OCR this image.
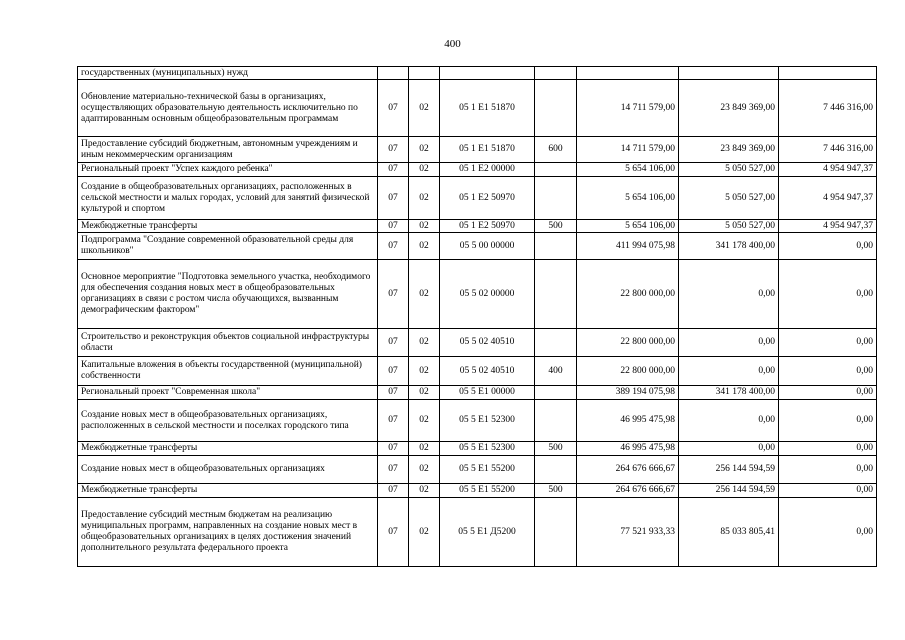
400
государственных (муниципальных) нужд							
Обновление материально-технической базы в организациях, осуществляющих образовательную деятельность исключительно по адаптированным основным общеобразовательным программам	07	02	05 1 E1 51870		14 711 579,00	23 849 369,00	7 446 316,00
Предоставление субсидий бюджетным, автономным учреждениям и иным некоммерческим организациям	07	02	05 1 E1 51870	600	14 711 579,00	23 849 369,00	7 446 316,00
Региональный проект "Успех каждого ребенка"	07	02	05 1 E2 00000		5 654 106,00	5 050 527,00	4 954 947,37
Создание в общеобразовательных организациях, расположенных в сельской местности и малых городах, условий для занятий физической культурой и спортом	07	02	05 1 E2 50970		5 654 106,00	5 050 527,00	4 954 947,37
Межбюджетные трансферты	07	02	05 1 E2 50970	500	5 654 106,00	5 050 527,00	4 954 947,37
Подпрограмма "Создание современной образовательной среды для школьников"	07	02	05 5 00 00000		411 994 075,98	341 178 400,00	0,00
Основное мероприятие "Подготовка земельного участка, необходимого для обеспечения создания новых мест в общеобразовательных организациях в связи с ростом числа обучающихся, вызванным демографическим фактором"	07	02	05 5 02 00000		22 800 000,00	0,00	0,00
Строительство и реконструкция объектов социальной инфраструктуры области	07	02	05 5 02 40510		22 800 000,00	0,00	0,00
Капитальные вложения в объекты государственной (муниципальной) собственности	07	02	05 5 02 40510	400	22 800 000,00	0,00	0,00
Региональный проект "Современная школа"	07	02	05 5 E1 00000		389 194 075,98	341 178 400,00	0,00
Создание новых мест в общеобразовательных организациях, расположенных в сельской местности и поселках городского типа	07	02	05 5 E1 52300		46 995 475,98	0,00	0,00
Межбюджетные трансферты	07	02	05 5 E1 52300	500	46 995 475,98	0,00	0,00
Создание новых мест в общеобразовательных организациях	07	02	05 5 E1 55200		264 676 666,67	256 144 594,59	0,00
Межбюджетные трансферты	07	02	05 5 E1 55200	500	264 676 666,67	256 144 594,59	0,00
Предоставление субсидий местным бюджетам на реализацию муниципальных программ, направленных на создание новых мест в общеобразовательных организациях в целях достижения значений дополнительного результата федерального проекта	07	02	05 5 E1 Д5200		77 521 933,33	85 033 805,41	0,00
